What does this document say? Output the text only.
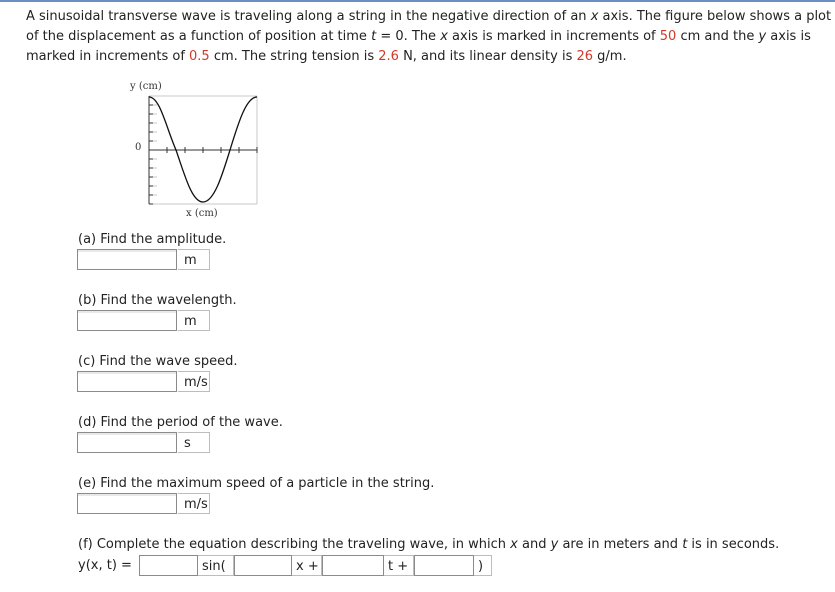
A sinusoidal transverse wave is traveling along a string in the negative direction of an x axis. The figure below shows a plot
of the displacement as a function of position at time t = 0. The x axis is marked in increments of 50 cm and the y axis is
marked in increments of 0.5 cm. The string tension is 2.6 N, and its linear density is 26 g/m.
y (cm)
0
x (cm)
(a) Find the amplitude.
m
(b) Find the wavelength.
m
(c) Find the wave speed.
m/s
(d) Find the period of the wave.
s
(e) Find the maximum speed of a particle in the string.
m/s
(f) Complete the equation describing the traveling wave, in which x and y are in meters and t is in seconds.
y(x, t) =	sin(	x +	t +	)
